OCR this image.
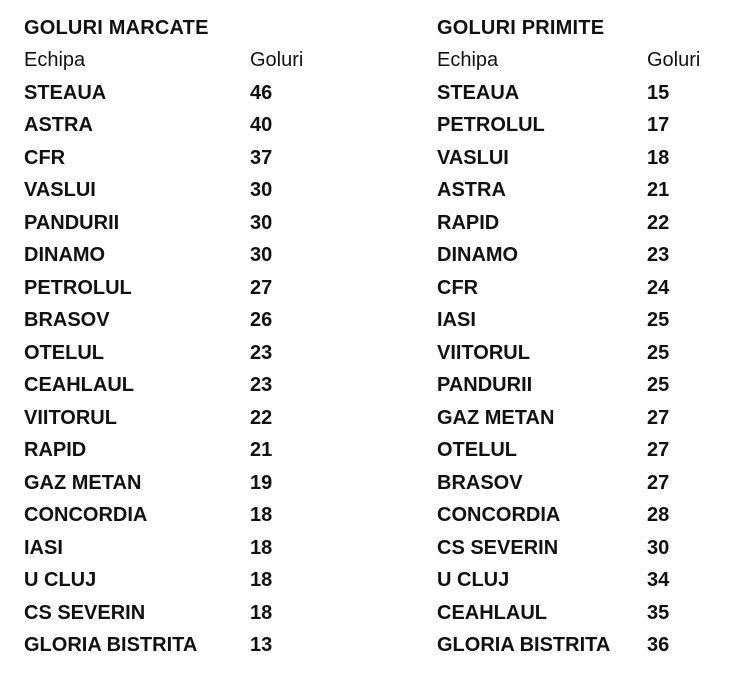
GOLURI MARCATE
Echipa	Goluri
STEAUA	46
ASTRA	40
CFR	37
VASLUI	30
PANDURII	30
DINAMO	30
PETROLUL	27
BRASOV	26
OTELUL	23
CEAHLAUL	23
VIITORUL	22
RAPID	21
GAZ METAN	19
CONCORDIA	18
IASI	18
U CLUJ	18
CS SEVERIN	18
GLORIA BISTRITA	13
GOLURI PRIMITE
Echipa	Goluri
STEAUA	15
PETROLUL	17
VASLUI	18
ASTRA	21
RAPID	22
DINAMO	23
CFR	24
IASI	25
VIITORUL	25
PANDURII	25
GAZ METAN	27
OTELUL	27
BRASOV	27
CONCORDIA	28
CS SEVERIN	30
U CLUJ	34
CEAHLAUL	35
GLORIA BISTRITA	36
